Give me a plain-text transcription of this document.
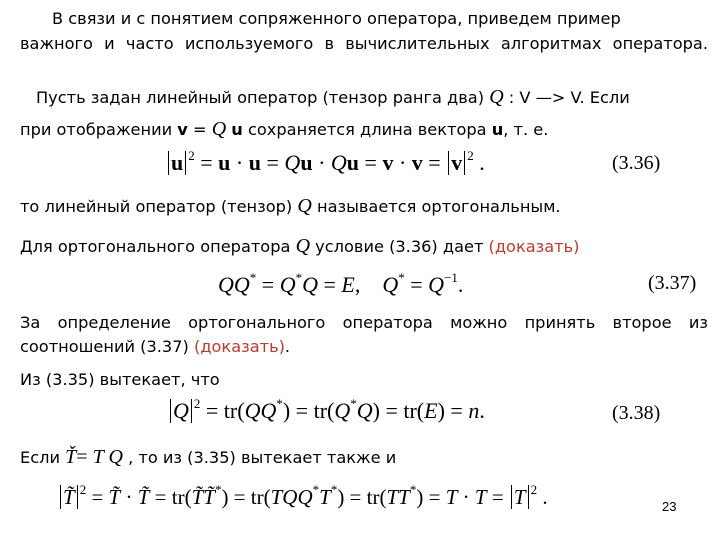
В связи и с понятием сопряженного оператора, приведем пример
важного и часто используемого в вычислительных алгоритмах оператора.
Пусть задан линейный оператор (тензор ранга два) Q : V —> V. Если
при отображении v = Q u сохраняется длина вектора u, т. е.
u $^2$ = u · u = Qu · Qu = v · v = v $^2$ .	(3.36)
то линейный оператор (тензор) Q называется ортогональным.
Для ортогонального оператора Q условие (3.36) дает (доказать)
QQ* = Q*Q = E,    $Q^* = Q^{-1}$.	(3.37)
За определение ортогонального оператора можно принять второе из
соотношений (3.37) (доказать).
Из (3.35) вытекает, что
Q $^2$ = tr(QQ*) = tr(Q*Q) = tr(E) = n.	(3.38)
Если Ť= T Q , то из (3.35) вытекает также и
T̃ $^2$ = T̃ · T̃ = tr(T̃T̃*) = tr(TQQ*T*) = tr(TT*) = T · T = T $^2$ .	23
